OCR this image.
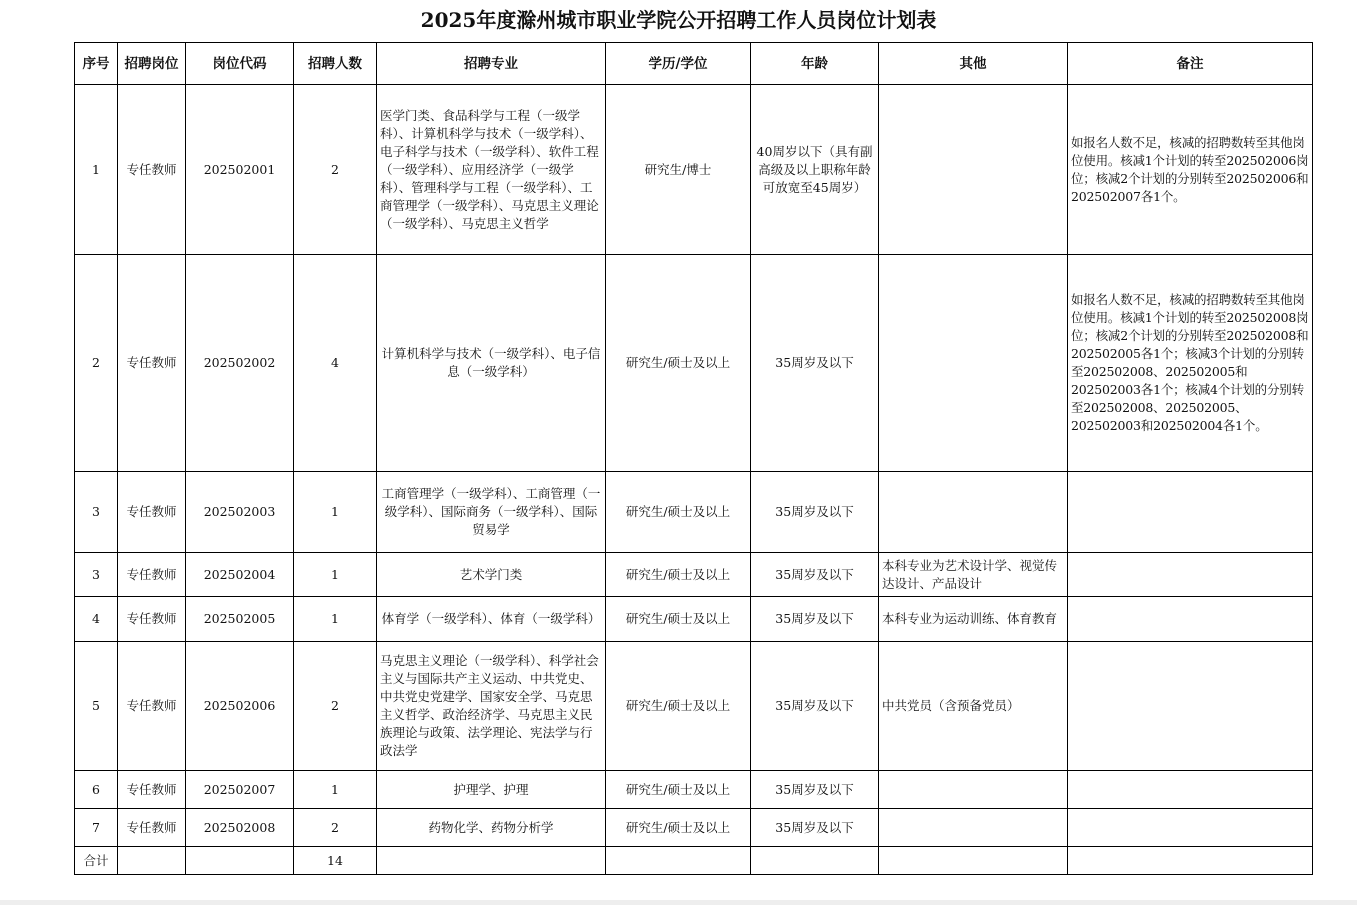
2025年度滁州城市职业学院公开招聘工作人员岗位计划表
序号	招聘岗位	岗位代码	招聘人数	招聘专业	学历/学位	年龄	其他	备注
1	专任教师	202502001	2	医学门类、食品科学与工程（一级学科）、计算机科学与技术（一级学科）、电子科学与技术（一级学科）、软件工程（一级学科）、应用经济学（一级学科）、管理科学与工程（一级学科）、工商管理学（一级学科）、马克思主义理论（一级学科）、马克思主义哲学	研究生/博士	40周岁以下（具有副高级及以上职称年龄可放宽至45周岁）		如报名人数不足，核减的招聘数转至其他岗位使用。核减1个计划的转至202502006岗位；核减2个计划的分别转至202502006和202502007各1个。
2	专任教师	202502002	4	计算机科学与技术（一级学科）、电子信息（一级学科）	研究生/硕士及以上	35周岁及以下		如报名人数不足，核减的招聘数转至其他岗位使用。核减1个计划的转至202502008岗位；核减2个计划的分别转至202502008和202502005各1个；核减3个计划的分别转至202502008、202502005和202502003各1个；核减4个计划的分别转至202502008、202502005、202502003和202502004各1个。
3	专任教师	202502003	1	工商管理学（一级学科）、工商管理（一级学科）、国际商务（一级学科）、国际贸易学	研究生/硕士及以上	35周岁及以下		
3	专任教师	202502004	1	艺术学门类	研究生/硕士及以上	35周岁及以下	本科专业为艺术设计学、视觉传达设计、产品设计	
4	专任教师	202502005	1	体育学（一级学科）、体育（一级学科）	研究生/硕士及以上	35周岁及以下	本科专业为运动训练、体育教育	
5	专任教师	202502006	2	马克思主义理论（一级学科）、科学社会主义与国际共产主义运动、中共党史、中共党史党建学、国家安全学、马克思主义哲学、政治经济学、马克思主义民族理论与政策、法学理论、宪法学与行政法学	研究生/硕士及以上	35周岁及以下	中共党员（含预备党员）	
6	专任教师	202502007	1	护理学、护理	研究生/硕士及以上	35周岁及以下		
7	专任教师	202502008	2	药物化学、药物分析学	研究生/硕士及以上	35周岁及以下		
合计			14					
